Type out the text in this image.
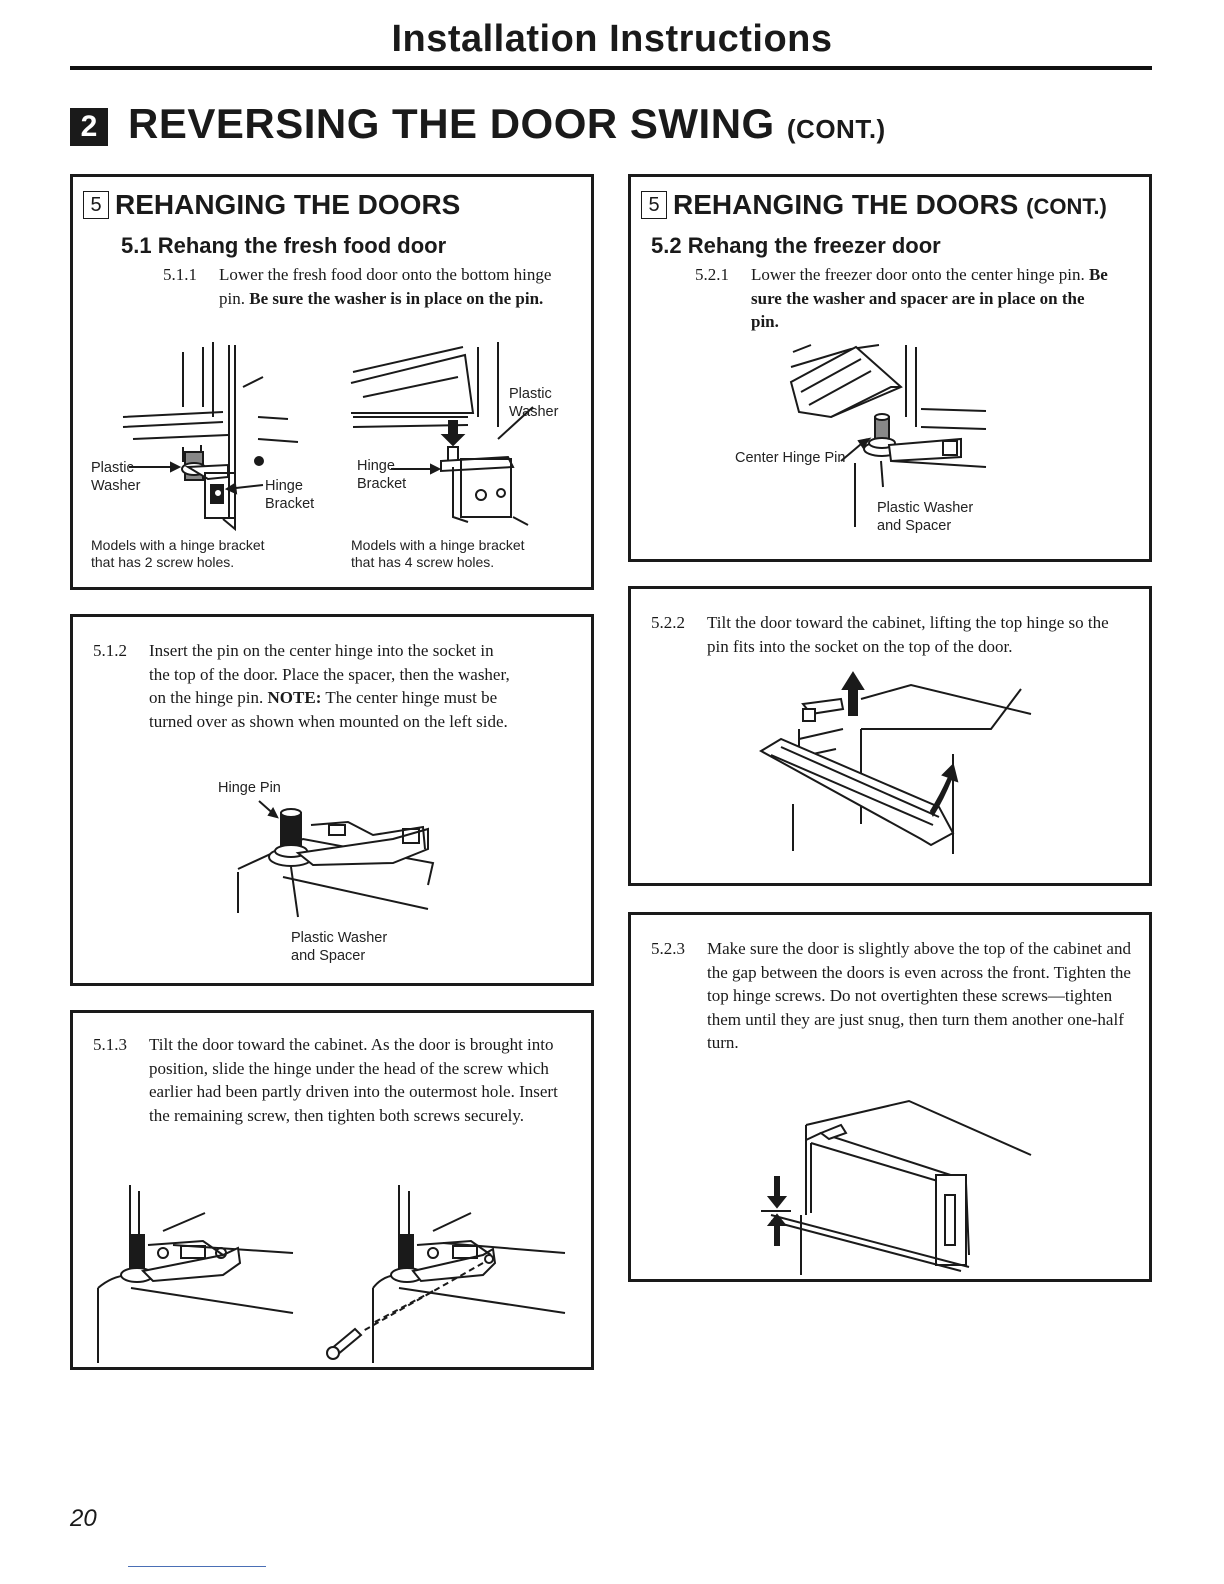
Installation Instructions
2 REVERSING THE DOOR SWING (CONT.)
5 REHANGING THE DOORS
5.1 Rehang the fresh food door
5.1.1 Lower the fresh food door onto the bottom hinge pin. Be sure the washer is in place on the pin.
Plastic
Washer	Hinge
Bracket
Models with a hinge bracket
that has 2 screw holes.
Plastic
Washer
Hinge
Bracket
Models with a hinge bracket
that has 4 screw holes.
5.1.2 Insert the pin on the center hinge into the socket in the top of the door. Place the spacer, then the washer, on the hinge pin. NOTE: The center hinge must be turned over as shown when mounted on the left side.
Hinge Pin
Plastic Washer
and Spacer
5.1.3 Tilt the door toward the cabinet. As the door is brought into position, slide the hinge under the head of the screw which earlier had been partly driven into the outermost hole. Insert the remaining screw, then tighten both screws securely.
5 REHANGING THE DOORS (CONT.)
5.2 Rehang the freezer door
5.2.1 Lower the freezer door onto the center hinge pin. Be sure the washer and spacer are in place on the pin.
Center Hinge Pin
Plastic Washer
and Spacer
5.2.2 Tilt the door toward the cabinet, lifting the top hinge so the pin fits into the socket on the top of the door.
5.2.3 Make sure the door is slightly above the top of the cabinet and the gap between the doors is even across the front. Tighten the top hinge screws. Do not overtighten these screws—tighten them until they are just snug, then turn them another one-half turn.
20
